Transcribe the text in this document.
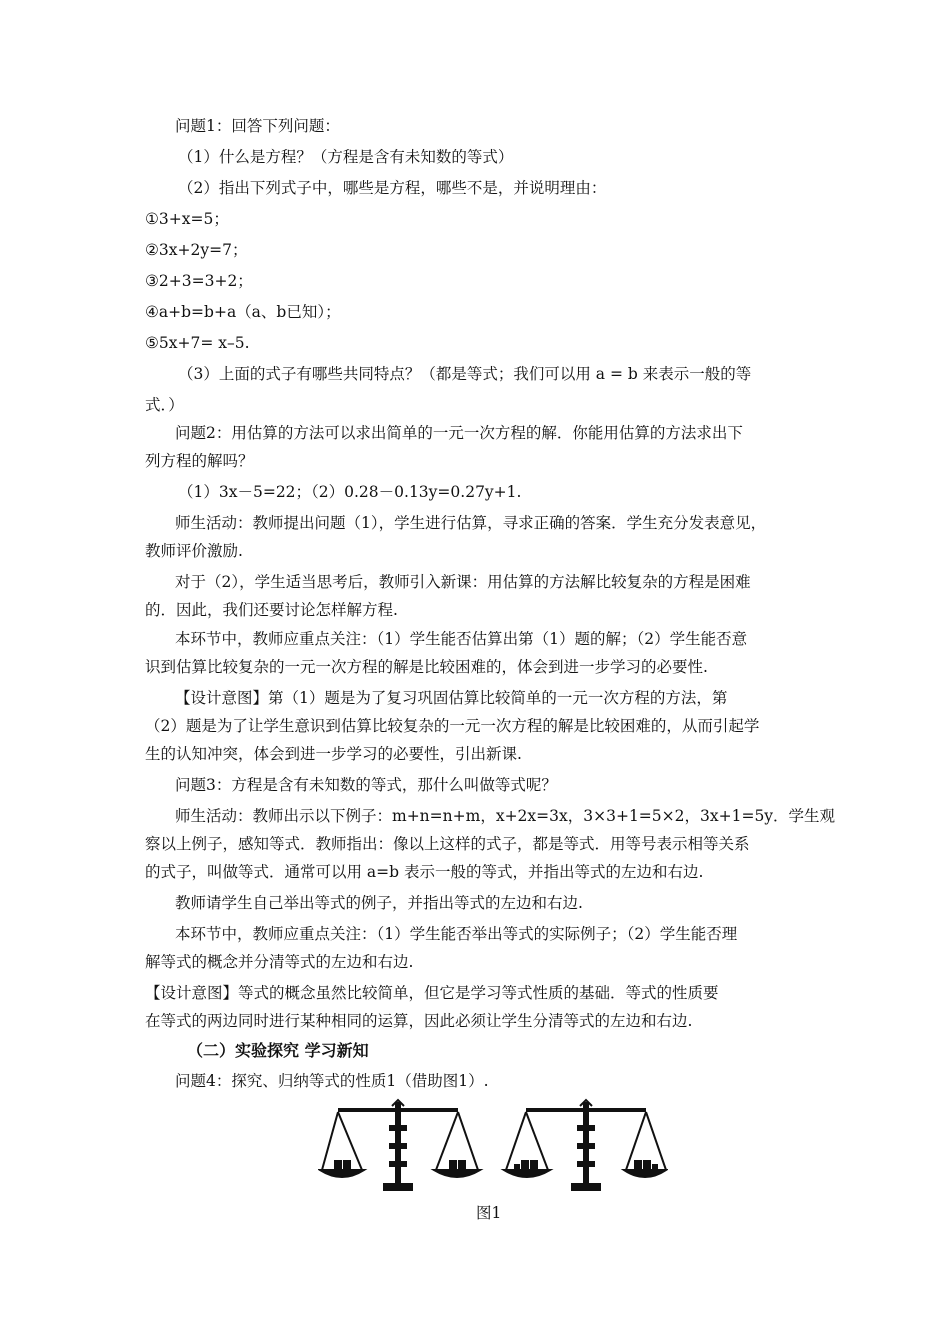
问题1：回答下列问题：
（1）什么是方程？（方程是含有未知数的等式）
（2）指出下列式子中，哪些是方程，哪些不是，并说明理由：
①3+x=5；
②3x+2y=7；
③2+3=3+2；
④a+b=b+a（a、b已知）；
⑤5x+7= x–5.
（3）上面的式子有哪些共同特点？（都是等式；我们可以用 a = b 来表示一般的等
式．）
问题2：用估算的方法可以求出简单的一元一次方程的解．你能用估算的方法求出下
列方程的解吗？
（1）3x－5=22；（2）0.28－0.13y=0.27y+1.
师生活动：教师提出问题（1），学生进行估算，寻求正确的答案．学生充分发表意见，
教师评价激励.
对于（2），学生适当思考后，教师引入新课：用估算的方法解比较复杂的方程是困难
的．因此，我们还要讨论怎样解方程.
本环节中，教师应重点关注：（1）学生能否估算出第（1）题的解；（2）学生能否意
识到估算比较复杂的一元一次方程的解是比较困难的，体会到进一步学习的必要性.
【设计意图】第（1）题是为了复习巩固估算比较简单的一元一次方程的方法，第
（2）题是为了让学生意识到估算比较复杂的一元一次方程的解是比较困难的，从而引起学
生的认知冲突，体会到进一步学习的必要性，引出新课.
问题3：方程是含有未知数的等式，那什么叫做等式呢？
师生活动：教师出示以下例子：m+n=n+m，x+2x=3x，3×3+1=5×2，3x+1=5y．学生观
察以上例子，感知等式．教师指出：像以上这样的式子，都是等式．用等号表示相等关系
的式子，叫做等式．通常可以用 a=b 表示一般的等式，并指出等式的左边和右边.
教师请学生自己举出等式的例子，并指出等式的左边和右边.
本环节中，教师应重点关注：（1）学生能否举出等式的实际例子；（2）学生能否理
解等式的概念并分清等式的左边和右边.
【设计意图】等式的概念虽然比较简单，但它是学习等式性质的基础．等式的性质要
在等式的两边同时进行某种相同的运算，因此必须让学生分清等式的左边和右边.
（二）实验探究 学习新知
问题4：探究、归纳等式的性质1（借助图1）.
图1
